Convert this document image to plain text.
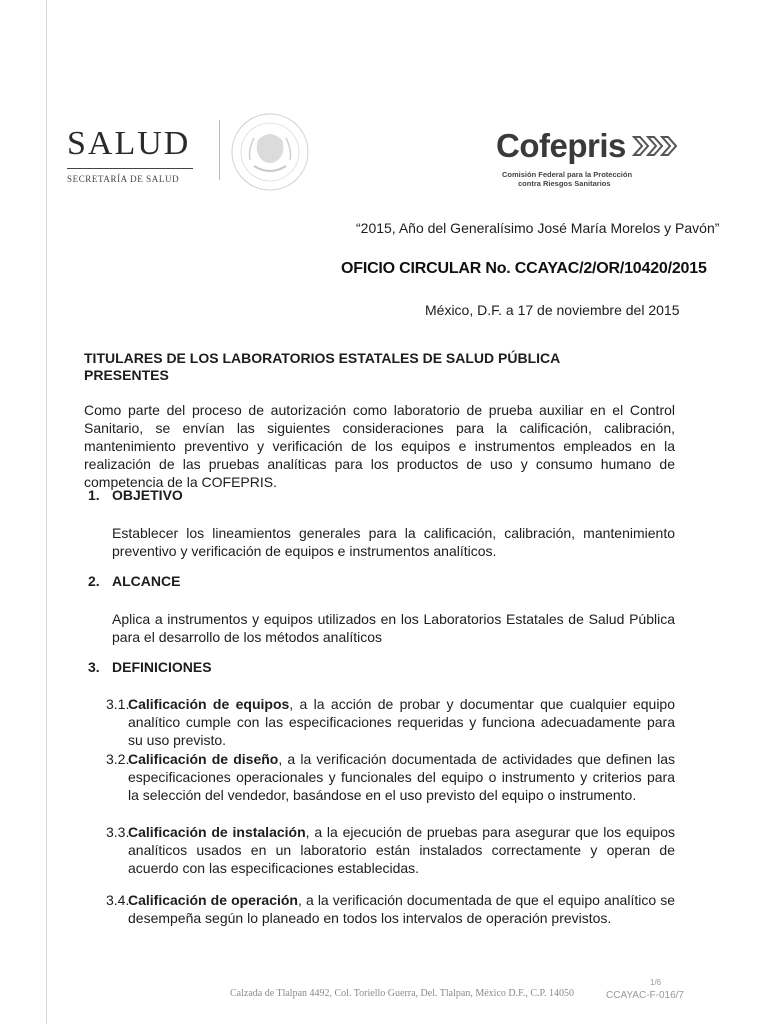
SALUD
SECRETARÍA DE SALUD
Cofepris
Comisión Federal para la Protección
contra Riesgos Sanitarios
“2015, Año del Generalísimo José María Morelos y Pavón”
OFICIO CIRCULAR No. CCAYAC/2/OR/10420/2015
México, D.F. a 17 de noviembre del 2015
TITULARES DE LOS LABORATORIOS ESTATALES DE SALUD PÚBLICA
PRESENTES
Como parte del proceso de autorización como laboratorio de prueba auxiliar en el Control Sanitario, se envían las siguientes consideraciones para la calificación, calibración, mantenimiento preventivo y verificación de los equipos e instrumentos empleados en la realización de las pruebas analíticas para los productos de uso y consumo humano de competencia de la COFEPRIS.
1. OBJETIVO
Establecer los lineamientos generales para la calificación, calibración, mantenimiento preventivo y verificación de equipos e instrumentos analíticos.
2. ALCANCE
Aplica a instrumentos y equipos utilizados en los Laboratorios Estatales de Salud Pública para el desarrollo de los métodos analíticos
3. DEFINICIONES
3.1.
Calificación de equipos, a la acción de probar y documentar que cualquier equipo analítico cumple con las especificaciones requeridas y funciona adecuadamente para su uso previsto.
3.2.
Calificación de diseño, a la verificación documentada de actividades que definen las especificaciones operacionales y funcionales del equipo o instrumento y criterios para la selección del vendedor, basándose en el uso previsto del equipo o instrumento.
3.3.
Calificación de instalación, a la ejecución de pruebas para asegurar que los equipos analíticos usados en un laboratorio están instalados correctamente y operan de acuerdo con las especificaciones establecidas.
3.4.
Calificación de operación, a la verificación documentada de que el equipo analítico se desempeña según lo planeado en todos los intervalos de operación previstos.
Calzada de Tlalpan 4492, Col. Toriello Guerra, Del. Tlalpan, México D.F., C.P. 14050
1/6
CCAYAC-F-016/7
